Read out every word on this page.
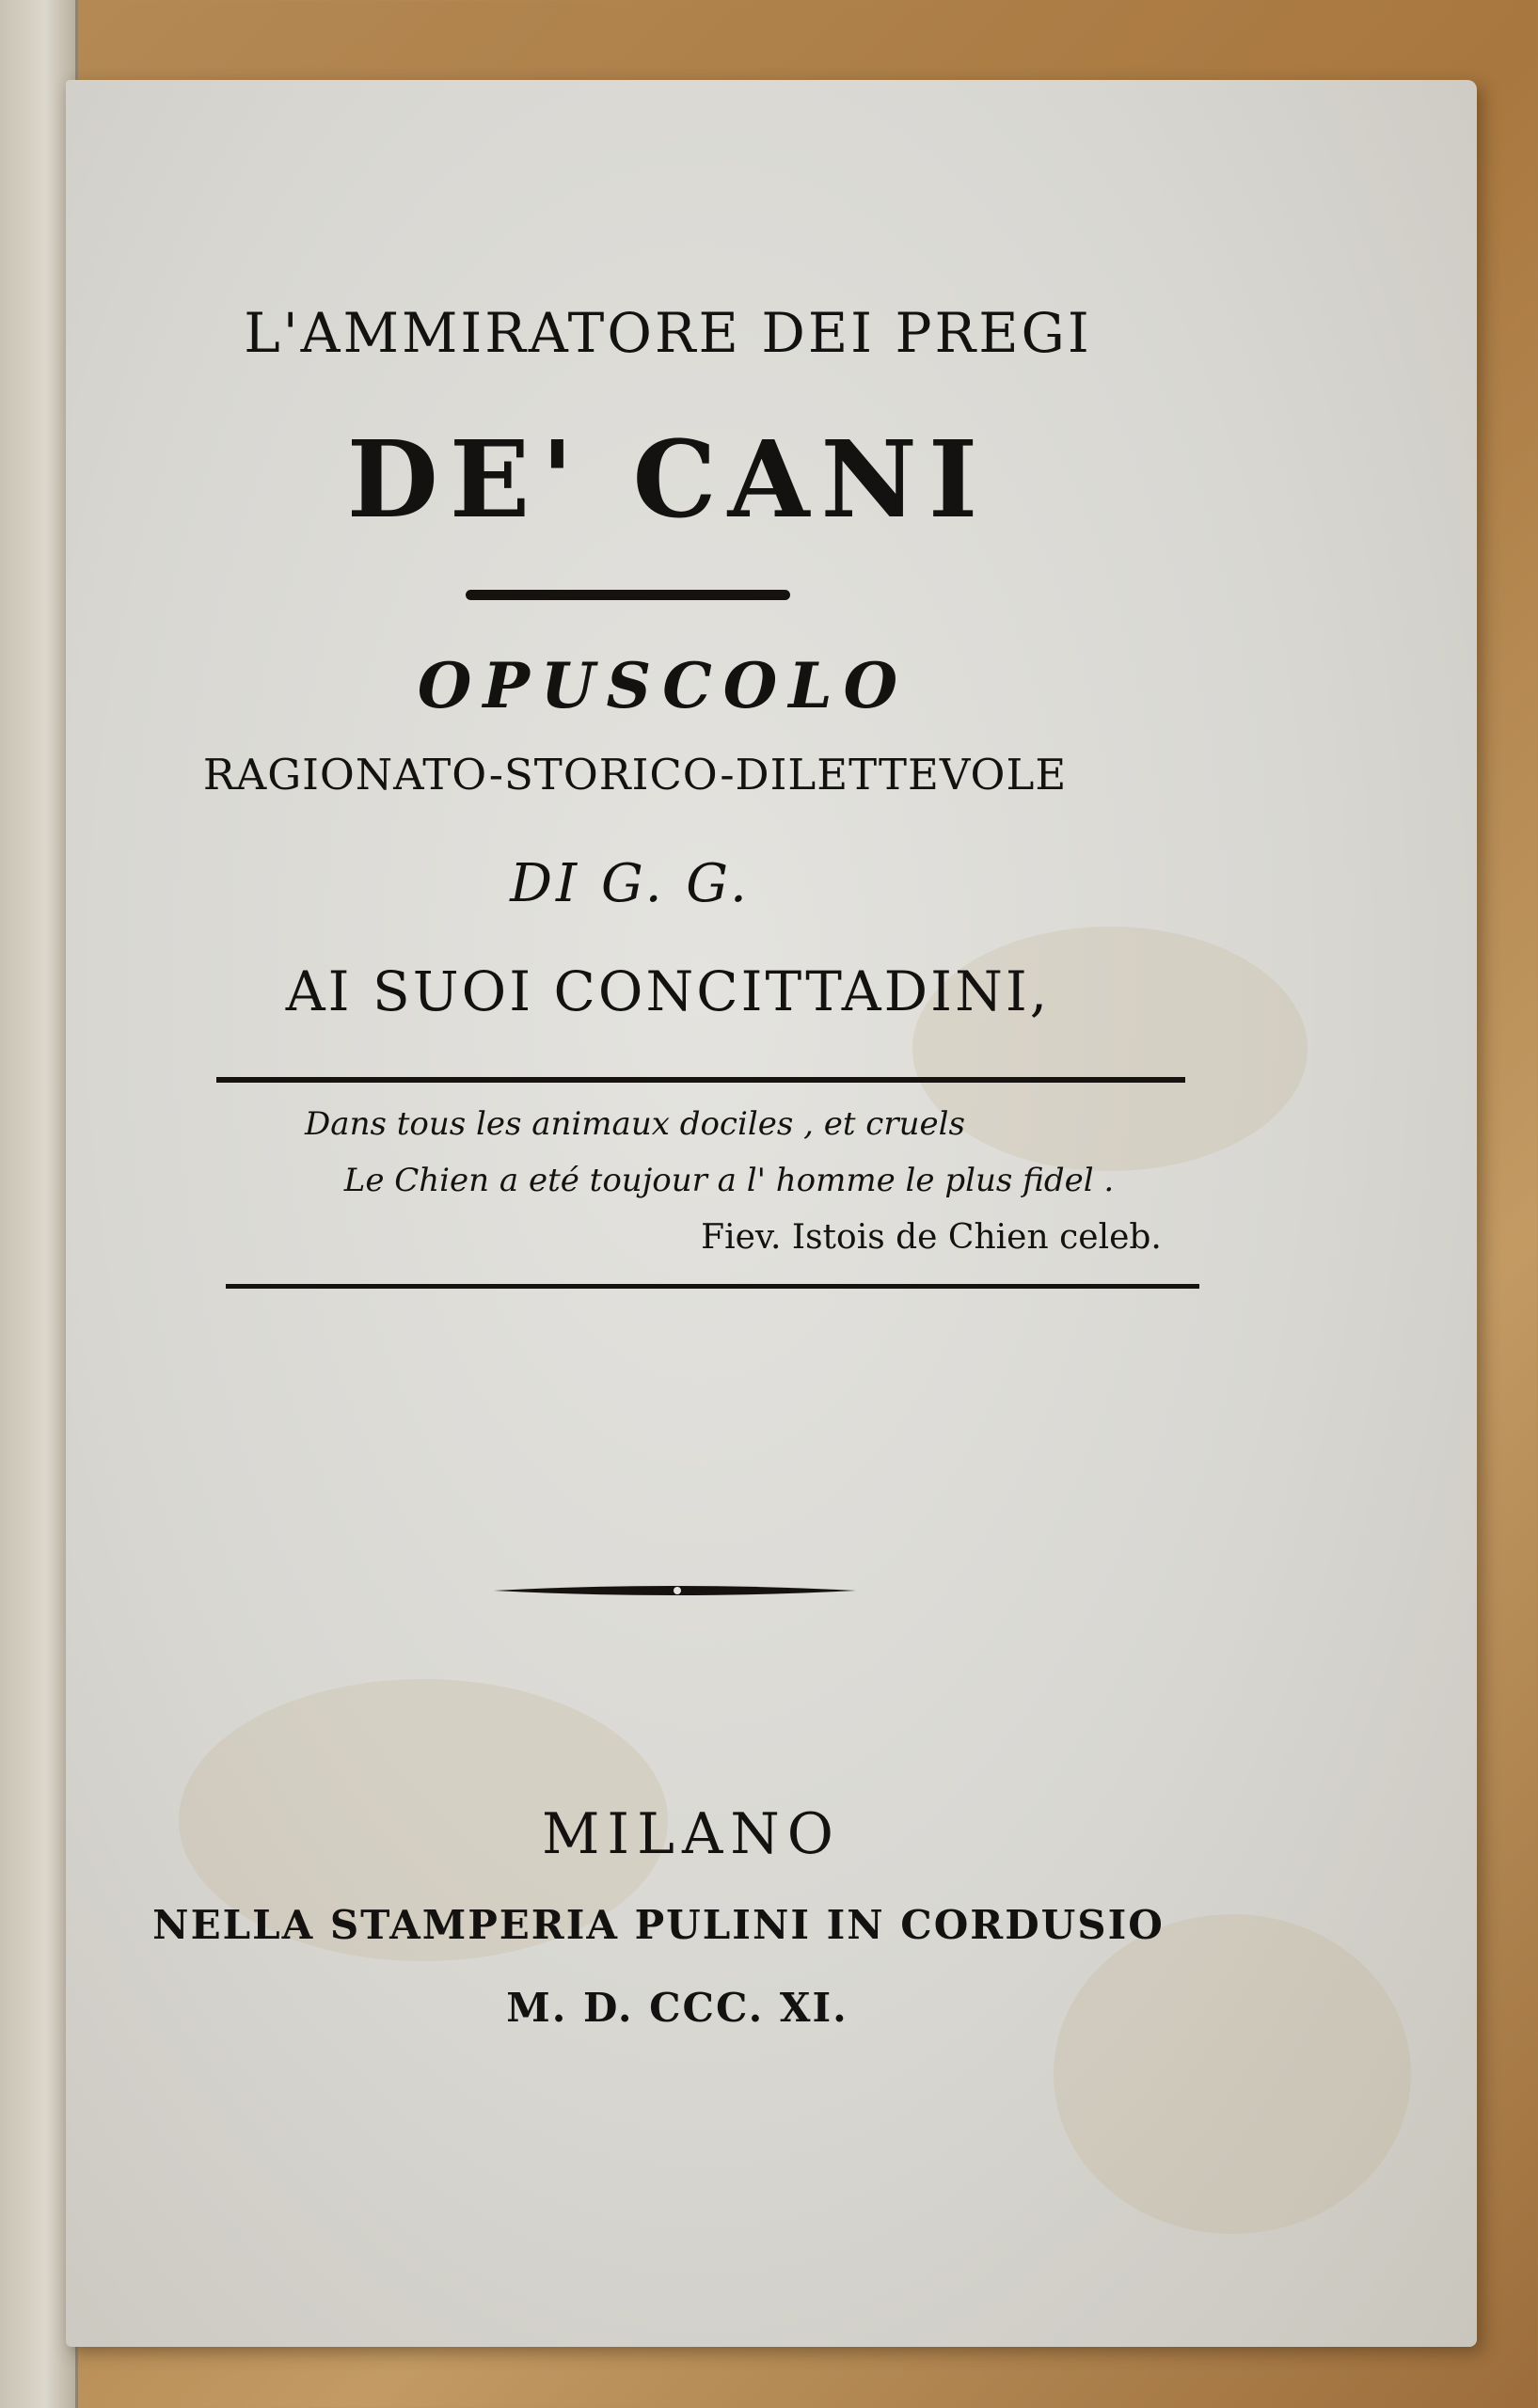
L'AMMIRATORE DEI PREGI
DE' CANI
OPUSCOLO
RAGIONATO-STORICO-DILETTEVOLE
DI G. G.
AI SUOI CONCITTADINI,
Dans tous les animaux dociles , et cruels
Le Chien a eté toujour a l' homme le plus fidel .
Fiev. Istois de Chien celeb.
MILANO
NELLA STAMPERIA PULINI IN CORDUSIO
M. D. CCC. XI.
